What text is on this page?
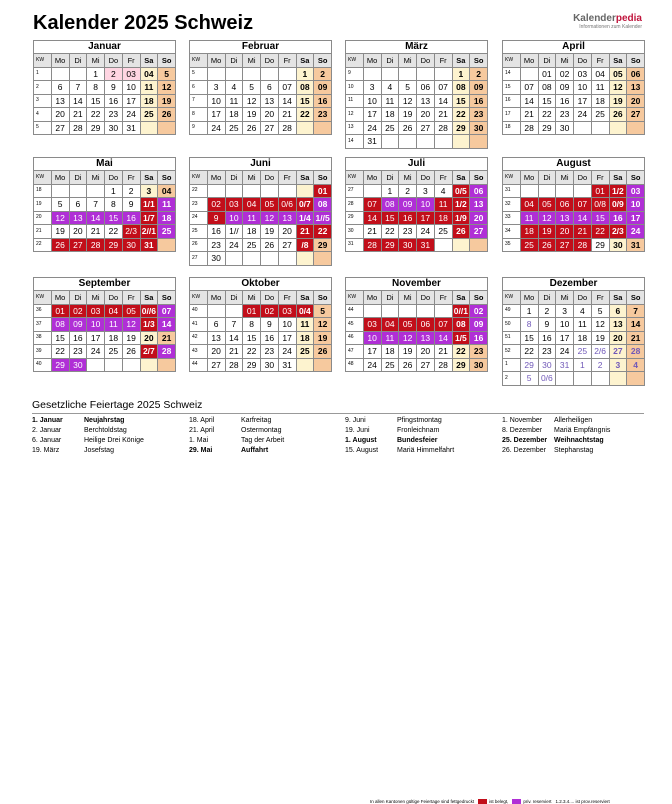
Kalender 2025 Schweiz	Kalenderpedia
Informationen zum Kalender
Januar							
KW	Mo	Di	Mi	Do	Fr	Sa	So
1			1	2	03	04	5
2	6	7	8	9	10	11	12
3	13	14	15	16	17	18	19
4	20	21	22	23	24	25	26
5	27	28	29	30	31		
Februar							
KW	Mo	Di	Mi	Do	Fr	Sa	So
5						1	2
6	3	4	5	6	07	08	09
7	10	11	12	13	14	15	16
8	17	18	19	20	21	22	23
9	24	25	26	27	28		
März							
KW	Mo	Di	Mi	Do	Fr	Sa	So
9						1	2
10	3	4	5	06	07	08	09
11	10	11	12	13	14	15	16
12	17	18	19	20	21	22	23
13	24	25	26	27	28	29	30
14	31						
April							
KW	Mo	Di	Mi	Do	Fr	Sa	So
14		01	02	03	04	05	06
15	07	08	09	10	11	12	13
16	14	15	16	17	18	19	20
17	21	22	23	24	25	26	27
18	28	29	30				
Mai							
KW	Mo	Di	Mi	Do	Fr	Sa	So
18				1	2	3	04
19	5	6	7	8	9	1/1	11
20	12	13	14	15	16	1/7	18
21	19	20	21	22	2/3	2//1	25
22	26	27	28	29	30	31	
Juni							
KW	Mo	Di	Mi	Do	Fr	Sa	So
22							01
23	02	03	04	05	0/6	0/7	08
24	9	10	11	12	13	1/4	1//5
25	16	1//	18	19	20	21	22
26	23	24	25	26	27	/8	29
27	30						
Juli							
KW	Mo	Di	Mi	Do	Fr	Sa	So
27		1	2	3	4	0/5	06
28	07	08	09	10	11	1/2	13
29	14	15	16	17	18	1/9	20
30	21	22	23	24	25	26	27
31	28	29	30	31			
August							
KW	Mo	Di	Mi	Do	Fr	Sa	So
31					01	1/2	03
32	04	05	06	07	0/8	0/9	10
33	11	12	13	14	15	16	17
34	18	19	20	21	22	2/3	24
35	25	26	27	28	29	30	31
September							
KW	Mo	Di	Mi	Do	Fr	Sa	So
36	01	02	03	04	05	0//6	07
37	08	09	10	11	12	1/3	14
38	15	16	17	18	19	20	21
39	22	23	24	25	26	2/7	28
40	29	30					
Oktober							
KW	Mo	Di	Mi	Do	Fr	Sa	So
40			01	02	03	0/4	5
41	6	7	8	9	10	11	12
42	13	14	15	16	17	18	19
43	20	21	22	23	24	25	26
44	27	28	29	30	31		
November							
KW	Mo	Di	Mi	Do	Fr	Sa	So
44						0//1	02
45	03	04	05	06	07	08	09
46	10	11	12	13	14	1/5	16
47	17	18	19	20	21	22	23
48	24	25	26	27	28	29	30
Dezember							
KW	Mo	Di	Mi	Do	Fr	Sa	So
49	1	2	3	4	5	6	7
50	8	9	10	11	12	13	14
51	15	16	17	18	19	20	21
52	22	23	24	25	2/6	27	28
1	29	30	31	1	2	3	4
2	5	0/6					
Gesetzliche Feiertage 2025 Schweiz
In allen Kantonen gültige Feiertage sind fettgedruckt	ist belegt,	priv. reserviert 1.2.3.4.... ist prov.reserviert
1. Januar	Neujahrstag
2. Januar	Berchtoldstag
6. Januar	Heilige Drei Könige
19. März	Josefstag
18. April	Karfreitag
21. April	Ostermontag
1. Mai	Tag der Arbeit
29. Mai	Auffahrt
9. Juni	Pfingstmontag
19. Juni	Fronleichnam
1. August	Bundesfeier
15. August	Mariä Himmelfahrt
1. November Allerheiligen
8. Dezember Mariä Empfängnis
25. Dezember Weihnachtstag
26. Dezember Stephanstag
